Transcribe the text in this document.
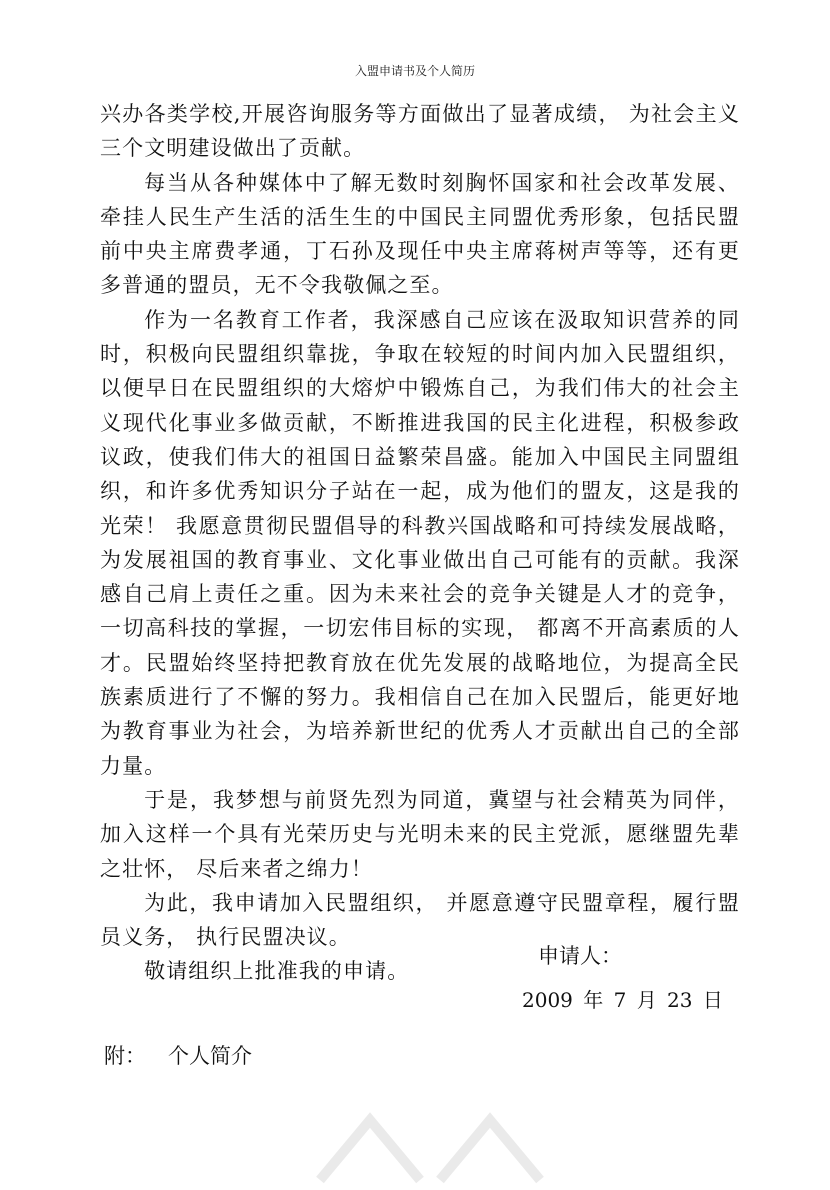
入盟申请书及个人简历

兴办各类学校,开展咨询服务等方面做出了显著成绩， 为社会主义三个文明建设做出了贡献。

每当从各种媒体中了解无数时刻胸怀国家和社会改革发展、牵挂人民生产生活的活生生的中国民主同盟优秀形象，包括民盟前中央主席费孝通，丁石孙及现任中央主席蒋树声等等，还有更多普通的盟员，无不令我敬佩之至。

作为一名教育工作者，我深感自己应该在汲取知识营养的同时，积极向民盟组织靠拢，争取在较短的时间内加入民盟组织，以便早日在民盟组织的大熔炉中锻炼自己，为我们伟大的社会主义现代化事业多做贡献，不断推进我国的民主化进程，积极参政议政，使我们伟大的祖国日益繁荣昌盛。能加入中国民主同盟组织，和许多优秀知识分子站在一起，成为他们的盟友，这是我的光荣！ 我愿意贯彻民盟倡导的科教兴国战略和可持续发展战略，为发展祖国的教育事业、文化事业做出自己可能有的贡献。我深感自己肩上责任之重。因为未来社会的竞争关键是人才的竞争，一切高科技的掌握，一切宏伟目标的实现， 都离不开高素质的人才。民盟始终坚持把教育放在优先发展的战略地位，为提高全民族素质进行了不懈的努力。我相信自己在加入民盟后，能更好地为教育事业为社会，为培养新世纪的优秀人才贡献出自己的全部力量。

于是，我梦想与前贤先烈为同道，冀望与社会精英为同伴，加入这样一个具有光荣历史与光明未来的民主党派，愿继盟先辈之壮怀， 尽后来者之绵力！

为此，我申请加入民盟组织， 并愿意遵守民盟章程，履行盟员义务， 执行民盟决议。

敬请组织上批准我的申请。

申请人：
2009 年 7 月 23 日
附： 个人简介
